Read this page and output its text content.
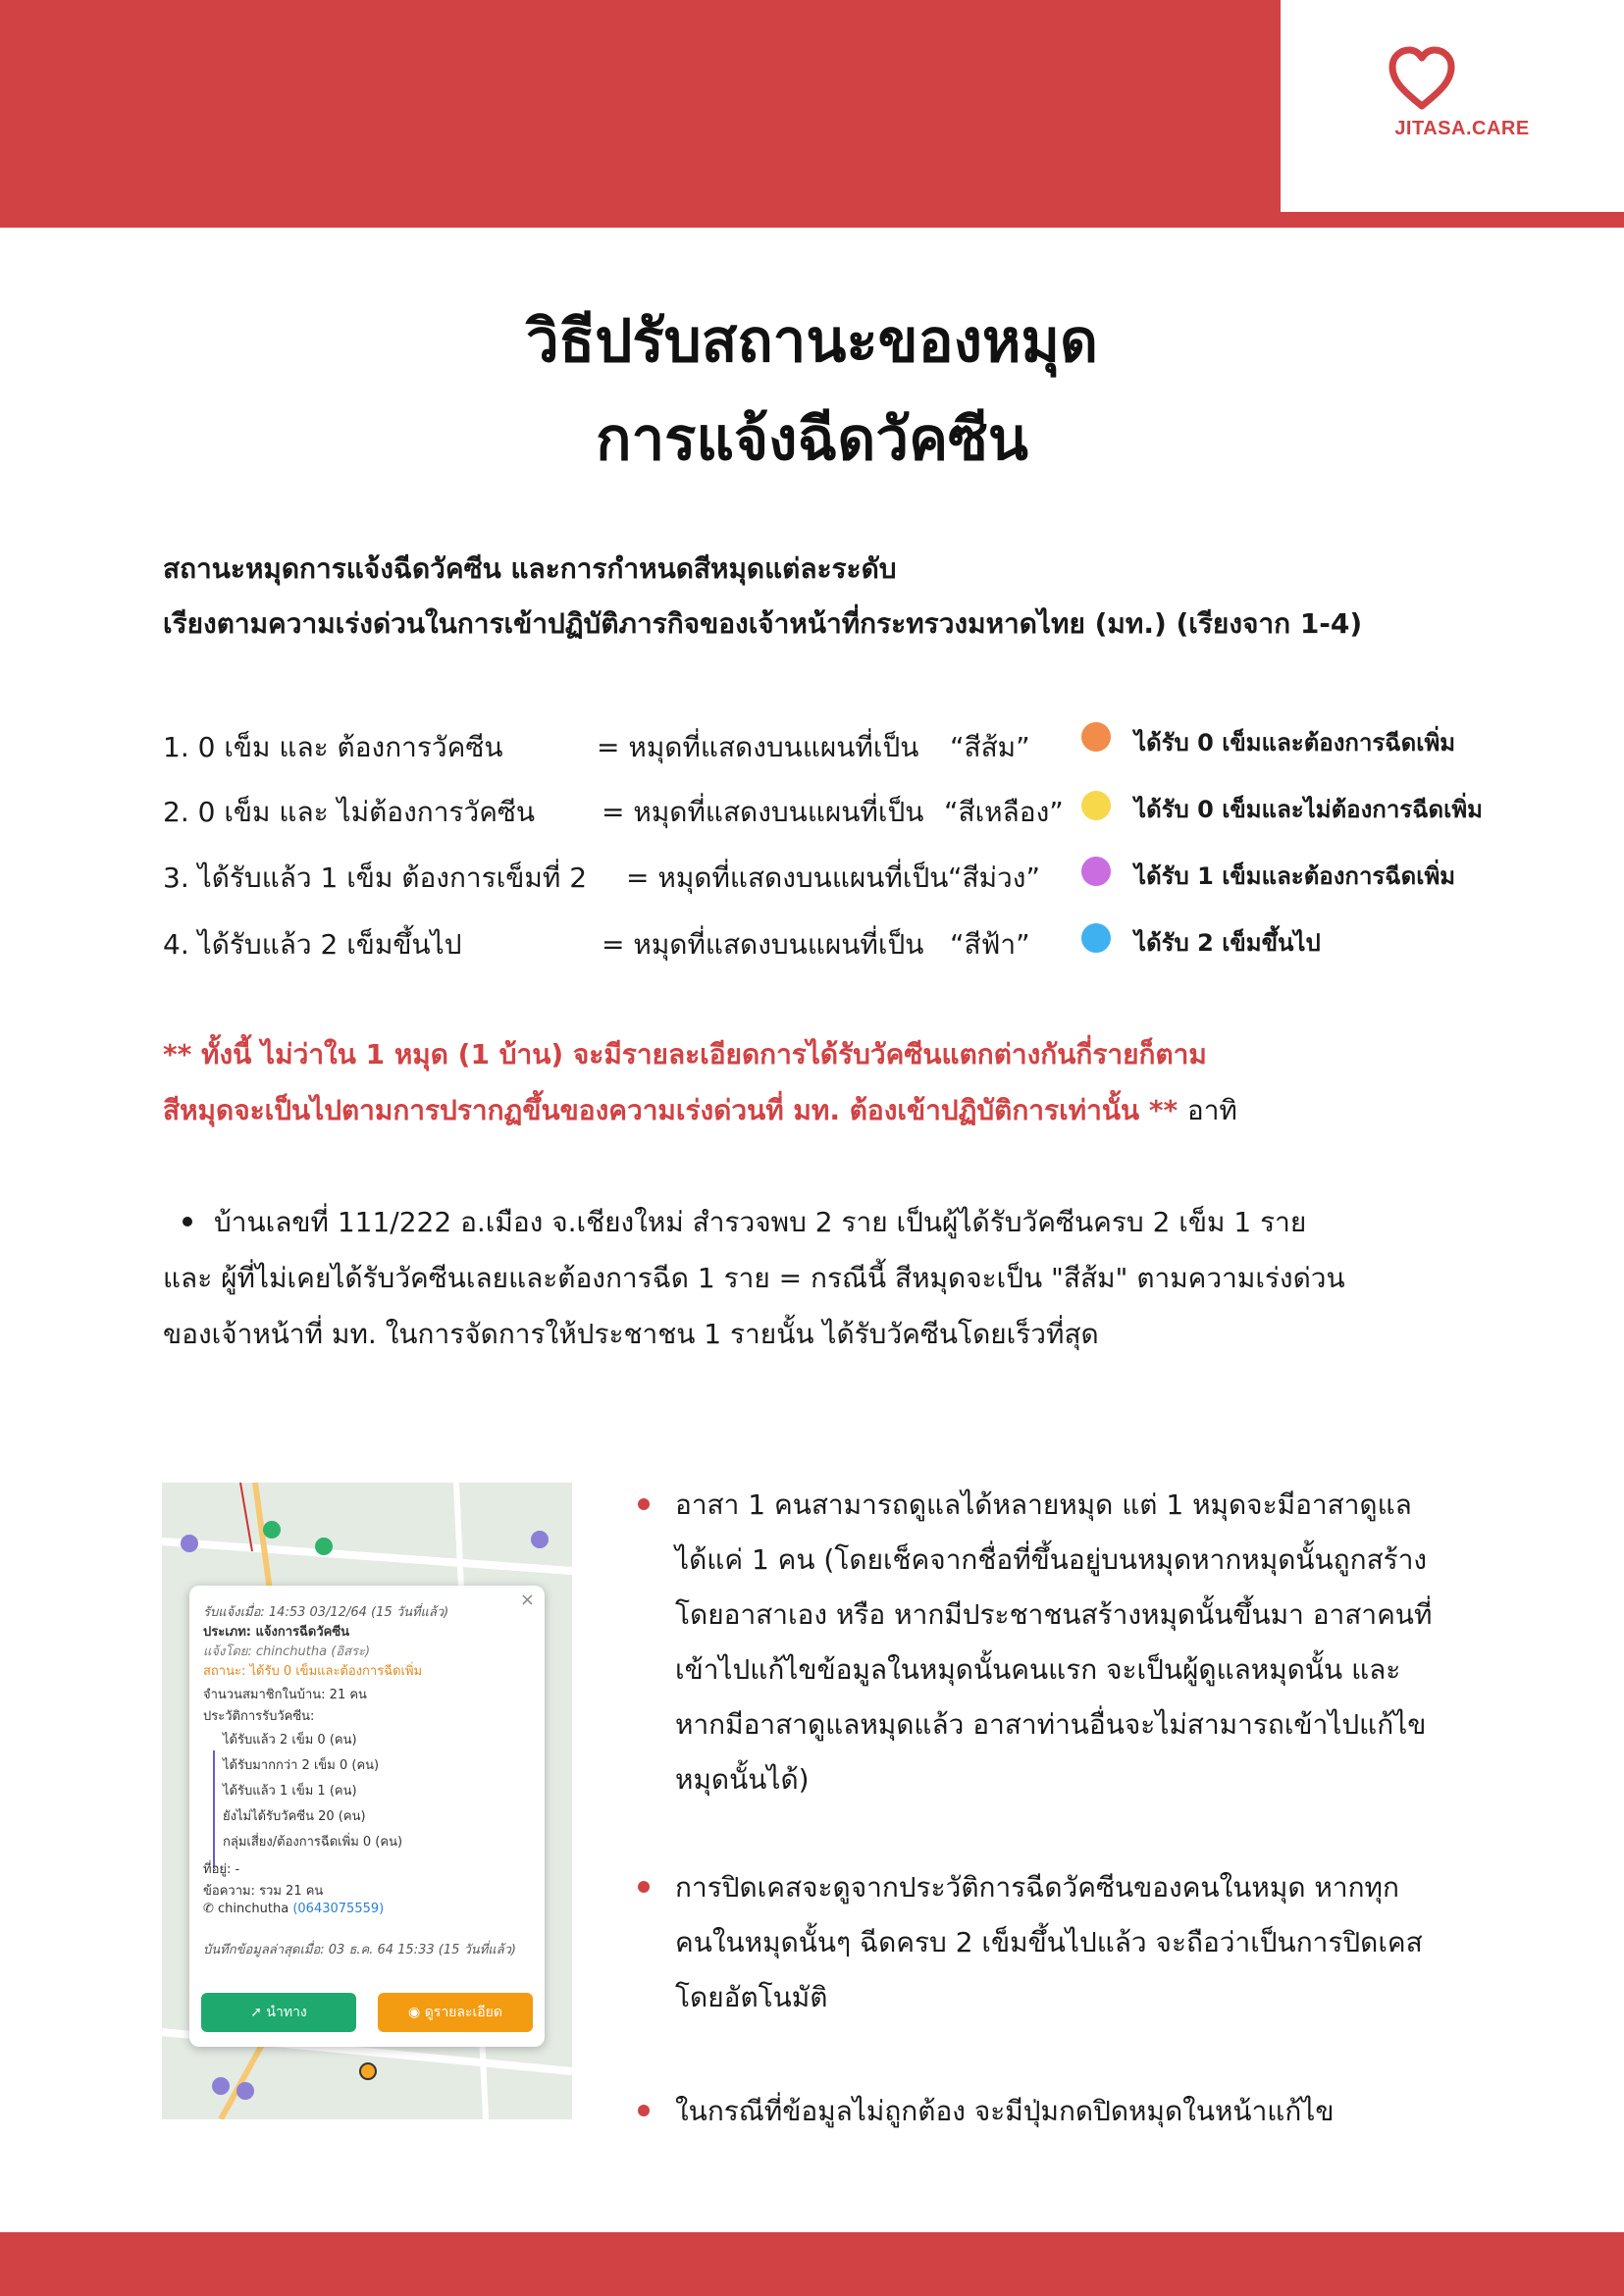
JITASA.CARE
วิธีปรับสถานะของหมุด
การแจ้งฉีดวัคซีน
สถานะหมุดการแจ้งฉีดวัคซีน และการกำหนดสีหมุดแต่ละระดับ
เรียงตามความเร่งด่วนในการเข้าปฏิบัติภารกิจของเจ้าหน้าที่กระทรวงมหาดไทย (มท.) (เรียงจาก 1-4)
1. 0 เข็ม และ ต้องการวัคซีน	= หมุดที่แสดงบนแผนที่เป็น “สีส้ม”	ได้รับ 0 เข็มและต้องการฉีดเพิ่ม
2. 0 เข็ม และ ไม่ต้องการวัคซีน = หมุดที่แสดงบนแผนที่เป็น “สีเหลือง”	ได้รับ 0 เข็มและไม่ต้องการฉีดเพิ่ม
3. ได้รับแล้ว 1 เข็ม ต้องการเข็มที่ 2 = หมุดที่แสดงบนแผนที่เป็น “สีม่วง”	ได้รับ 1 เข็มและต้องการฉีดเพิ่ม
4. ได้รับแล้ว 2 เข็มขึ้นไป	= หมุดที่แสดงบนแผนที่เป็น “สีฟ้า”	ได้รับ 2 เข็มขึ้นไป
** ทั้งนี้ ไม่ว่าใน 1 หมุด (1 บ้าน) จะมีรายละเอียดการได้รับวัคซีนแตกต่างกันกี่รายก็ตาม
สีหมุดจะเป็นไปตามการปรากฏขึ้นของความเร่งด่วนที่ มท. ต้องเข้าปฏิบัติการเท่านั้น ** อาทิ
บ้านเลขที่ 111/222 อ.เมือง จ.เชียงใหม่ สำรวจพบ 2 ราย เป็นผู้ได้รับวัคซีนครบ 2 เข็ม 1 ราย
และ ผู้ที่ไม่เคยได้รับวัคซีนเลยและต้องการฉีด 1 ราย = กรณีนี้ สีหมุดจะเป็น "สีส้ม" ตามความเร่งด่วน
ของเจ้าหน้าที่ มท. ในการจัดการให้ประชาชน 1 รายนั้น ได้รับวัคซีนโดยเร็วที่สุด
×
รับแจ้งเมื่อ: 14:53 03/12/64 (15 วันที่แล้ว)
ประเภท: แจ้งการฉีดวัคซีน
แจ้งโดย: chinchutha (อิสระ)
สถานะ: ได้รับ 0 เข็มและต้องการฉีดเพิ่ม
จำนวนสมาชิกในบ้าน: 21 คน
ประวัติการรับวัคซีน:
ได้รับแล้ว 2 เข็ม 0 (คน)
ได้รับมากกว่า 2 เข็ม 0 (คน)
ได้รับแล้ว 1 เข็ม 1 (คน)
ยังไม่ได้รับวัคซีน 20 (คน)
กลุ่มเสี่ยง/ต้องการฉีดเพิ่ม 0 (คน)
ที่อยู่: -
ข้อความ: รวม 21 คน
✆ chinchutha (0643075559)
บันทึกข้อมูลล่าสุดเมื่อ: 03 ธ.ค. 64 15:33 (15 วันที่แล้ว)
➚ นำทาง	◉ ดูรายละเอียด
อาสา 1 คนสามารถดูแลได้หลายหมุด แต่ 1 หมุดจะมีอาสาดูแล
ได้แค่ 1 คน (โดยเช็คจากชื่อที่ขึ้นอยู่บนหมุดหากหมุดนั้นถูกสร้าง
โดยอาสาเอง หรือ หากมีประชาชนสร้างหมุดนั้นขึ้นมา อาสาคนที่
เข้าไปแก้ไขข้อมูลในหมุดนั้นคนแรก จะเป็นผู้ดูแลหมุดนั้น และ
หากมีอาสาดูแลหมุดแล้ว อาสาท่านอื่นจะไม่สามารถเข้าไปแก้ไข
หมุดนั้นได้)
การปิดเคสจะดูจากประวัติการฉีดวัคซีนของคนในหมุด หากทุก
คนในหมุดนั้นๆ ฉีดครบ 2 เข็มขึ้นไปแล้ว จะถือว่าเป็นการปิดเคส
โดยอัตโนมัติ
ในกรณีที่ข้อมูลไม่ถูกต้อง จะมีปุ่มกดปิดหมุดในหน้าแก้ไข
